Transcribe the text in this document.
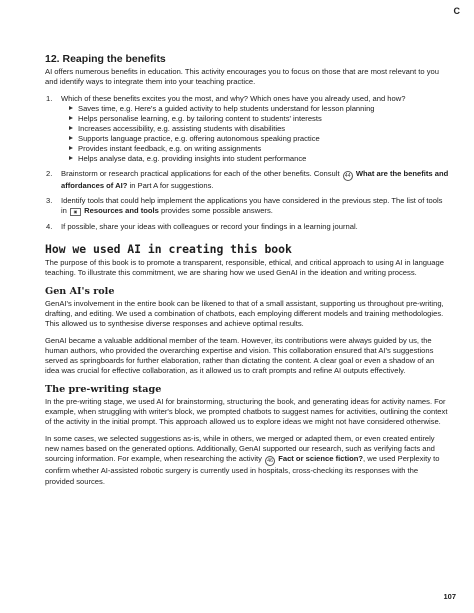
C
12. Reaping the benefits

AI offers numerous benefits in education. This activity encourages you to focus on those that are most relevant to you and identify ways to integrate them into your teaching practice.

1. Which of these benefits excites you the most, and why? Which ones have you already used, and how?
Saves time, e.g. Here's a guided activity to help students understand for lesson planning
Helps personalise learning, e.g. by tailoring content to students' interests
Increases accessibility, e.g. assisting students with disabilities
Supports language practice, e.g. offering autonomous speaking practice
Provides instant feedback, e.g. on writing assignments
Helps analyse data, e.g. providing insights into student performance
2. Brainstorm or research practical applications for each of the other benefits. Consult 44 What are the benefits and affordances of AI? in Part A for suggestions.
3. Identify tools that could help implement the applications you have considered in the previous step. The list of tools in ▣ Resources and tools provides some possible answers.
4. If possible, share your ideas with colleagues or record your findings in a learning journal.
How we used AI in creating this book

The purpose of this book is to promote a transparent, responsible, ethical, and critical approach to using AI in language teaching. To illustrate this commitment, we are sharing how we used GenAI in the ideation and writing process.

Gen AI's role

GenAI's involvement in the entire book can be likened to that of a small assistant, supporting us throughout pre-writing, drafting, and editing. We used a combination of chatbots, each employing different models and training methodologies. This allowed us to synthesise diverse responses and achieve optimal results.

GenAI became a valuable additional member of the team. However, its contributions were always guided by us, the human authors, who provided the overarching expertise and vision. This collaboration ensured that AI's suggestions served as springboards for further elaboration, rather than dictating the content. A clear goal or even a shadow of an idea was crucial for effective collaboration, as it allowed us to craft prompts and refine AI outputs effectively.

The pre-writing stage

In the pre-writing stage, we used AI for brainstorming, structuring the book, and generating ideas for activity names. For example, when struggling with writer's block, we prompted chatbots to suggest names for activities, outlining the context of the activity in the initial prompt. This approach allowed us to explore ideas we might not have considered otherwise.

In some cases, we selected suggestions as-is, while in others, we merged or adapted them, or even created entirely new names based on the generated options. Additionally, GenAI supported our research, such as verifying facts and sourcing information. For example, when researching the activity 46 Fact or science fiction?, we used Perplexity to confirm whether AI-assisted robotic surgery is currently used in hospitals, cross-checking its responses with the provided sources.

107
